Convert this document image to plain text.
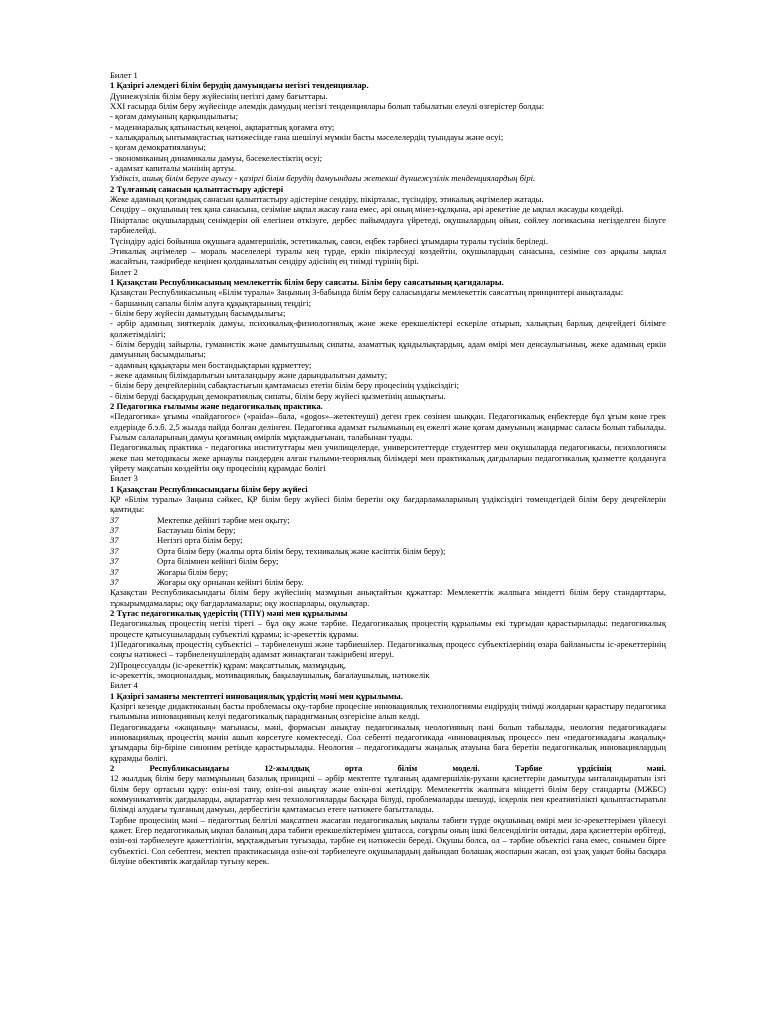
Билет 1
1 Қазіргі әлемдегі білім берудің дамуындағы негізгі тенденциялар.
Дүниежүзілік білім беру жүйесінің негізгі даму бағыттары.
XXI ғасырда білім беру жүйесінде әлемдік дамудың негізгі тенденциялары болып табылатын елеулі өзгерістер болды:
- қоғам дамуының қарқындылығы;
- мәдениаралық қатынастың кеңеюі, ақпараттық қоғамға өту;
- халықаралық ынтымақтастық нәтижесінде ғана шешілуі мүмкін басты мәселелердің туындауы және өсуі;
- қоғам демократиялануы;
- экономиканың динамикалы дамуы, бәсекелестіктің өсуі;
- адамзат капиталы мәнінің артуы.
Үздіксіз, ашық білім беруге ауысу - қазіргі білім берудің дамуындағы жетекші дүниежүзілік тенденциялардың бірі.
2 Тұлғаның санасын қалыптастыру әдістері
Жеке адамның қоғамдық санасын қалыптастыру әдістеріне сендіру, пікірталас, түсіндіру, этикалық әңгімелер жатады.
Сендіру – оқушының тек қана санасына, сезіміне ықпал жасау ғана емес, әрі оның мінез-құлқына, әрі әрекетіне де ықпал жасауды көздейді.
Пікірталас оқушылардың сенімдерін ой елегінен өткізуге, дербес пайымдауға үйретеді, оқушылардың ойын, сөйлеу логикасына негізделген білуге тәрбиелейді.
Түсіндіру әдісі бойынша оқушыға адамгершілік, эстетикалық, саяси, еңбек тәрбиесі ұғымдары туралы түсінік беріледі.
Этикалық әңгімелер – мораль мәселелері туралы кең түрде, еркін пікірлесуді көздейтін, оқушылардың санасына, сезіміне сөз арқылы ықпал жасайтын, тәжірибеде кеңінен қолданылатын сендіру әдісінің ең тиімді түрінің бірі.
Билет 2
1 Қазақстан Республикасының мемлекеттік білім беру саясаты. Білім беру саясатының қағидалары.
Қазақстан Республикасының «Білім туралы» Заңының 3-бабында білім беру саласындағы мемлекеттік саясаттың принциптері анықталады:
- баршаның сапалы білім алуға құқықтарының теңдігі;
- білім беру жүйесін дамытудың басымдылығы;
- әрбір адамның зияткерлік дамуы, психикалық-физиологиялық және жеке ерекшеліктері ескеріле отырып, халықтың барлық деңгейдегі білімге қолжетімділігі;
- білім берудің зайырлы, гуманистік және дамытушылық сипаты, азаматтық құндылықтардың, адам өмірі мен денсаулығының, жеке адамның еркін дамуының басымдылығы;
- адамның құқықтары мен бостандықтарын құрметтеу;
- жеке адамның білімдарлығын ынталандыру және дарындылығын дамыту;
- білім беру деңгейлерінің сабақтастығын қамтамасыз ететін білім беру процесінің үздіксіздігі;
- білім беруді басқарудың демократиялық сипаты, білім беру жүйесі қызметінің ашықтығы.
2 Педагогика ғылымы және педагогикалық практика.
«Педагогика» ұғымы «пайдагогос» («paida»–бала, «gogos»–жетектеушi) деген грек сөзінен шыққан. Педагогикалық еңбектерде бұл ұғым көне грек елдерінде б.э.б. 2,5 жылда пайда болған делінген. Педагогика адамзат ғылымының ең ежелгі және қоғам дамуының жаңармас саласы болып табылады. Ғылым салаларының дамуы қоғамның өмірлік мұқтаждығынан, талабынан туады.
Педагогикалық практика - педагогика институттары мен училищелерде, университеттерде студенттер мен оқушыларда педагогикасы, психологиясы жеке пән методикасы жеке арнаулы пәндерден алған ғылыми-теориялық білімдері мен практикалық дағдыларын педагогикалық қызметте қолдануға үйрету мақсатын көздейтін оқу процесінің құрамдас бөлігі
Билет 3
1 Қазақстан Республикасындағы білім беру жүйесі
ҚР «Білім туралы» Заңына сәйкес, ҚР білім беру жүйесі білім беретін оқу бағдарламаларының үздіксіздігі төмендегідей білім беру деңгейлерін қамтиды:
37	Мектепке дейінгі тәрбие мен оқыту;
37	Бастауыш білім беру;
37	Негізгі орта білім беру;
37	Орта білім беру (жалпы орта білім беру, техникалық және кәсіптік білім беру);
37	Орта білімнен кейінгі білім беру;
37	Жоғары білім беру;
37	Жоғары оқу орнынан кейінгі білім беру.
Қазақстан Республикасындағы білім беру жүйесінің мазмұнын анықтайтын құжаттар: Мемлекеттік жалпыға міндетті білім беру стандарттары, тұжырымдамалары; оқу бағдарламалары; оқу жоспарлары, оқулықтар.
2 Тұтас педагогикалық үдерістің (ТПҮ) мәні мен құрылымы
Педагогикалық процестің негізі тірегі – бұл оқу және тәрбие. Педагогикалық процестің құрылымы екі тұрғыдан қарастырылады: педагогикалық процесте қатысушылардың субъектілі құрамы; іс-әрекеттік құрамы.
1)Педагогикалық процестің субъектісі – тәрбиеленуші және тәрбиешілер. Педагогикалық процесс субъектілерінің өзара байланысты іс-әрекеттерінің соңғы нәтижесі – тәрбиеленушілердің адамзат жинақтаған тәжірибені игеруі.
2)Процессуалды (іс-әрекеттік) құрам: мақсаттылық, мазмұндық,
іс-әрекеттік, эмоционалдық, мотивациялық, бақылаушылық, бағалаушылық, нәтижелік
Билет 4
1 Қазіргі заманғы мектептегі инновациялық үрдістің мәні мен құрылымы.
Қазіргі кезеңде дидактиканың басты проблемасы оқу-тәрбие процесіне инновациялық технологиямы ендірудің тиімді жолдарын қарастыру педагогика ғылымына инновацияның келуі педагогикалық парадигманың өзгерісіне алып келді.
Педагогикадағы «жаңаның» мағынасы, мәні, формасын анықтау педагогикалық неологияның пәні болып табылады, неология педагогикадағы инновациялық процестің мәнін ашып көрсетуге көмектеседі. Сол себепті педагогикада «инновациялық процесс» пен «педагогикадағы жаңалық» ұғымдары бір-біріне синоним ретінде қарастырылады. Неология – педагогикадағы жаңалық атауына баға беретін педагогикалық инновациялардың құрамды бөлігі.
2	Республикасындағы	12-жылдық	орта	білім	моделі.	Тәрбие	үрдісінің	мәні.
12 жылдық білім беру мазмұнының базалық принципі – әрбір мектепте тұлғаның адамгершілік-рухани қасиеттерін дамытуды ынталандыратын ізгі білім беру ортасын құру: өзін-өзі тану, өзін-өзі анықтау және өзін-өзі жетілдіру. Мемлекеттік жалпыға міндетті білім беру стандарты (МЖБС) коммуникативтік дағдыларды, ақпараттар мен технологияларды басқара білуді, проблемаларды шешуді, ісқерлік пен креативтіліктi қалыптастыратын білімді алудағы тұлғаның дамуын, дербестігін қамтамасыз етеге нәтижеге бағытталады.
Тәрбие процесінің мәні – педагогтың белгілі мақсатпен жасаған педагогикалық ықпалы табиғи түрде оқушының өмірі мен іс-әрекеттерімен үйлесуі қажет. Егер педагогикалық ықпал баланың дара табиғи ерекшеліктерімен ұштасса, соғұрлы оның ішкі белсенділігін оятады, дара қасиеттерін өрбітеді, өзін-өзі тәрбиелеуге қажеттілігін, мұқтаждығын туғызады, тәрбие ең нәтижесін береді. Оқушы болса, ол – тәрбие объектісі ғана емес, сонымен бірге субъектісі. Сол себептен, мектеп практикасында өзін-өзі тәрбиелеуге оқушылардың дайындап болашақ жоспарын жасап, өзі ұзақ уақыт бойы басқара білуіне обективтік жағдайлар туғызу керек.
